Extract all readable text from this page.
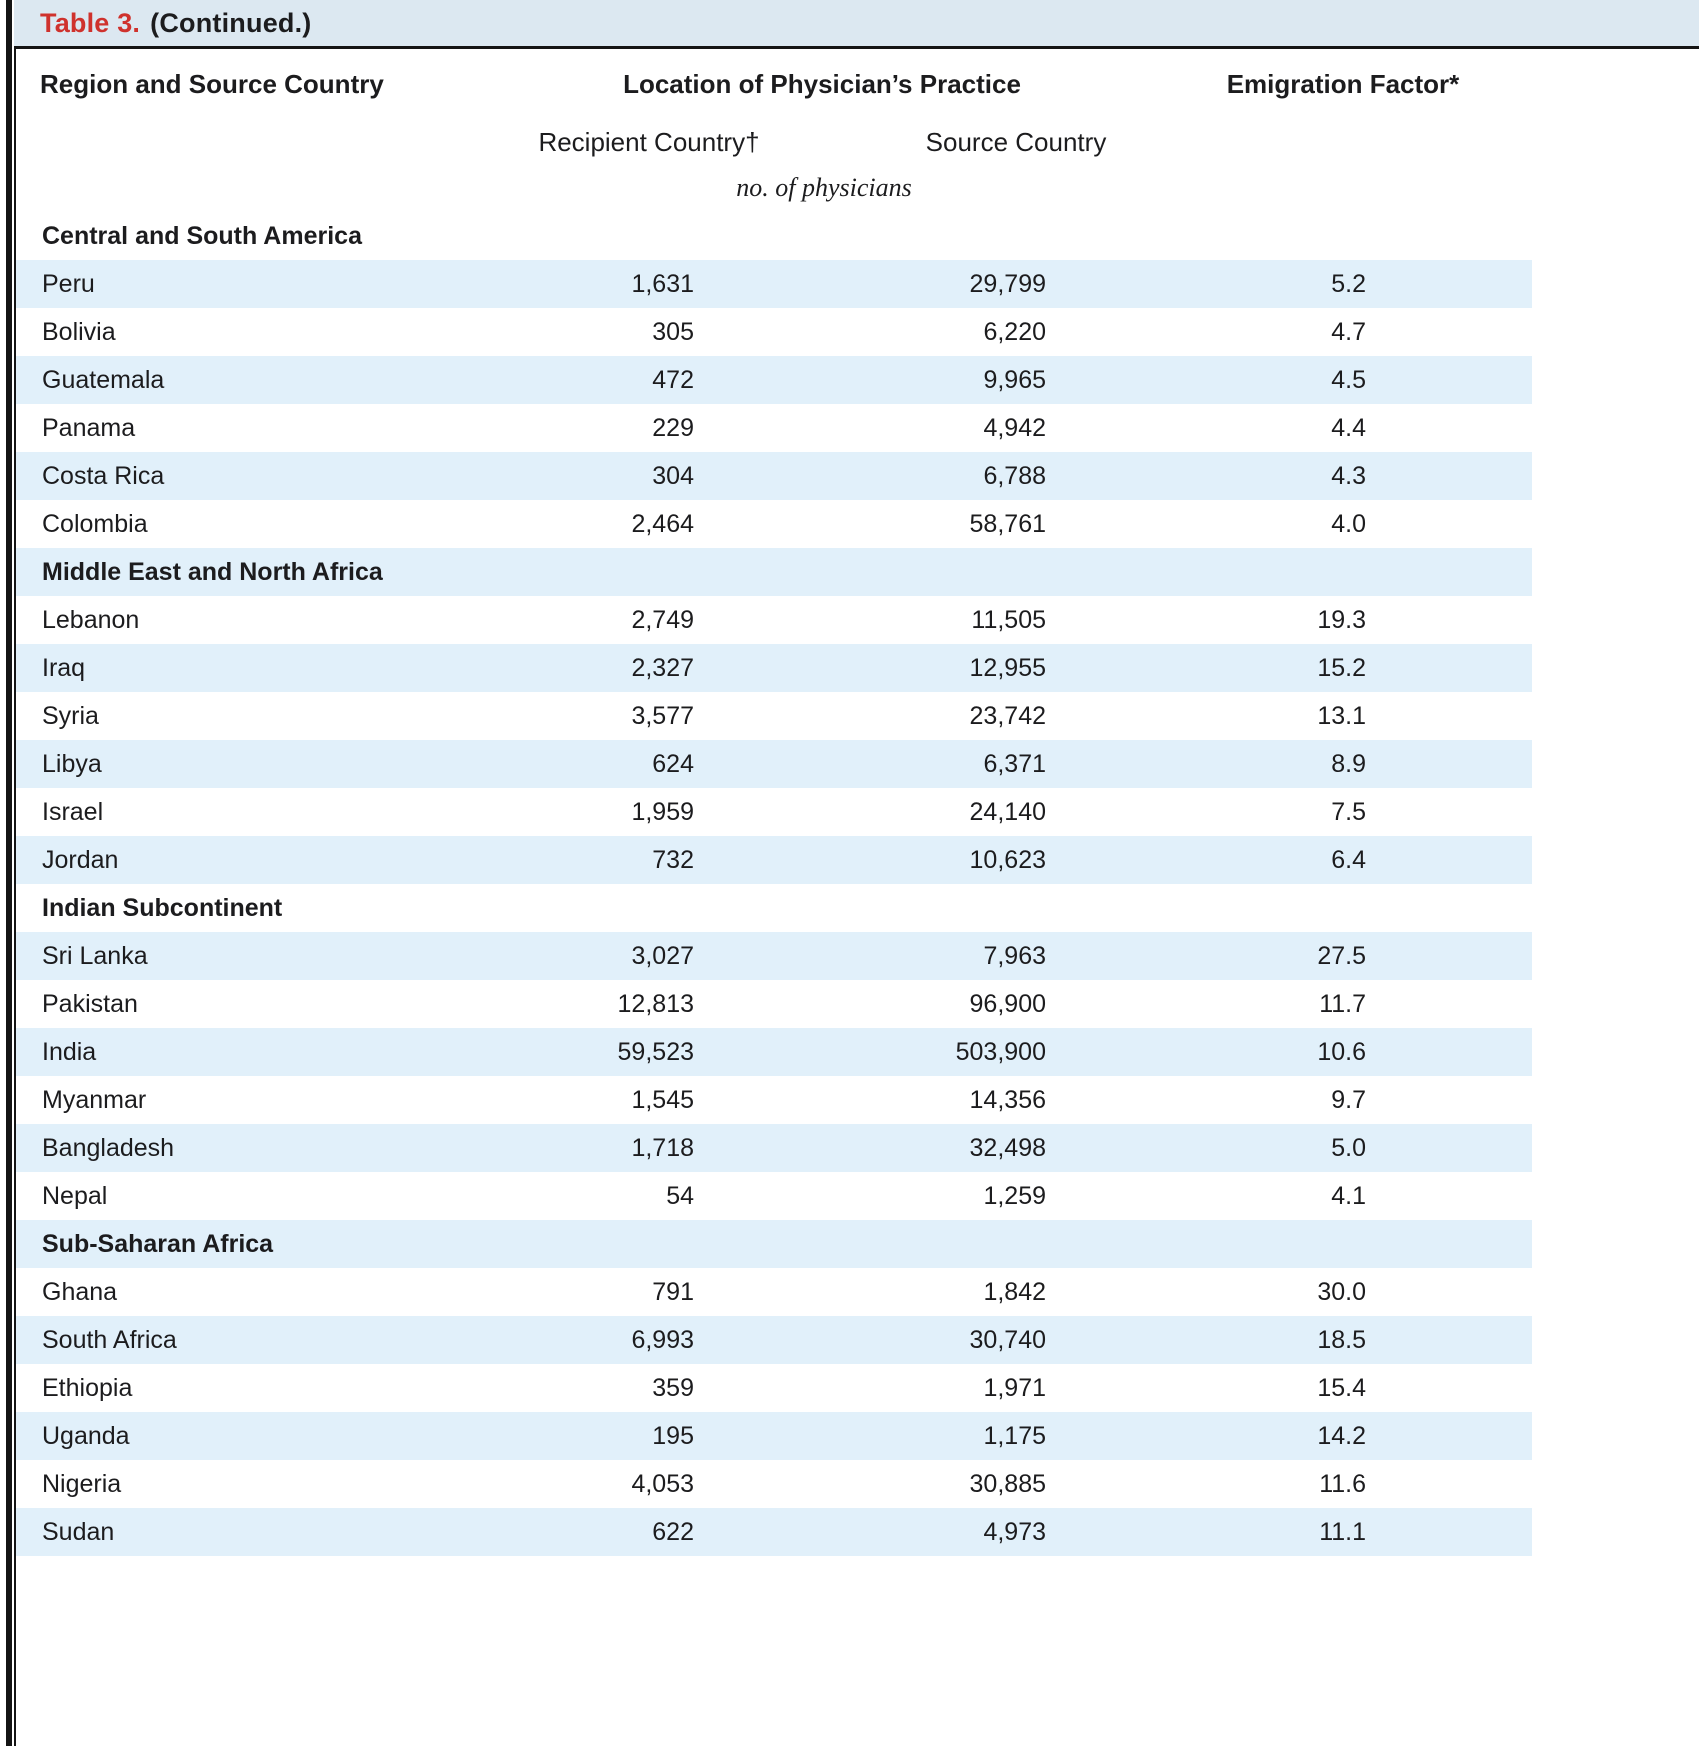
Table 3. (Continued.)
Region and Source Country	Location of Physician’s Practice	Emigration Factor*
Recipient Country†	Source Country
no. of physicians
Central and South America
Peru	1,631	29,799	5.2
Bolivia	305	6,220	4.7
Guatemala	472	9,965	4.5
Panama	229	4,942	4.4
Costa Rica	304	6,788	4.3
Colombia	2,464	58,761	4.0
Middle East and North Africa
Lebanon	2,749	11,505	19.3
Iraq	2,327	12,955	15.2
Syria	3,577	23,742	13.1
Libya	624	6,371	8.9
Israel	1,959	24,140	7.5
Jordan	732	10,623	6.4
Indian Subcontinent
Sri Lanka	3,027	7,963	27.5
Pakistan	12,813	96,900	11.7
India	59,523	503,900	10.6
Myanmar	1,545	14,356	9.7
Bangladesh	1,718	32,498	5.0
Nepal	54	1,259	4.1
Sub-Saharan Africa
Ghana	791	1,842	30.0
South Africa	6,993	30,740	18.5
Ethiopia	359	1,971	15.4
Uganda	195	1,175	14.2
Nigeria	4,053	30,885	11.6
Sudan	622	4,973	11.1
